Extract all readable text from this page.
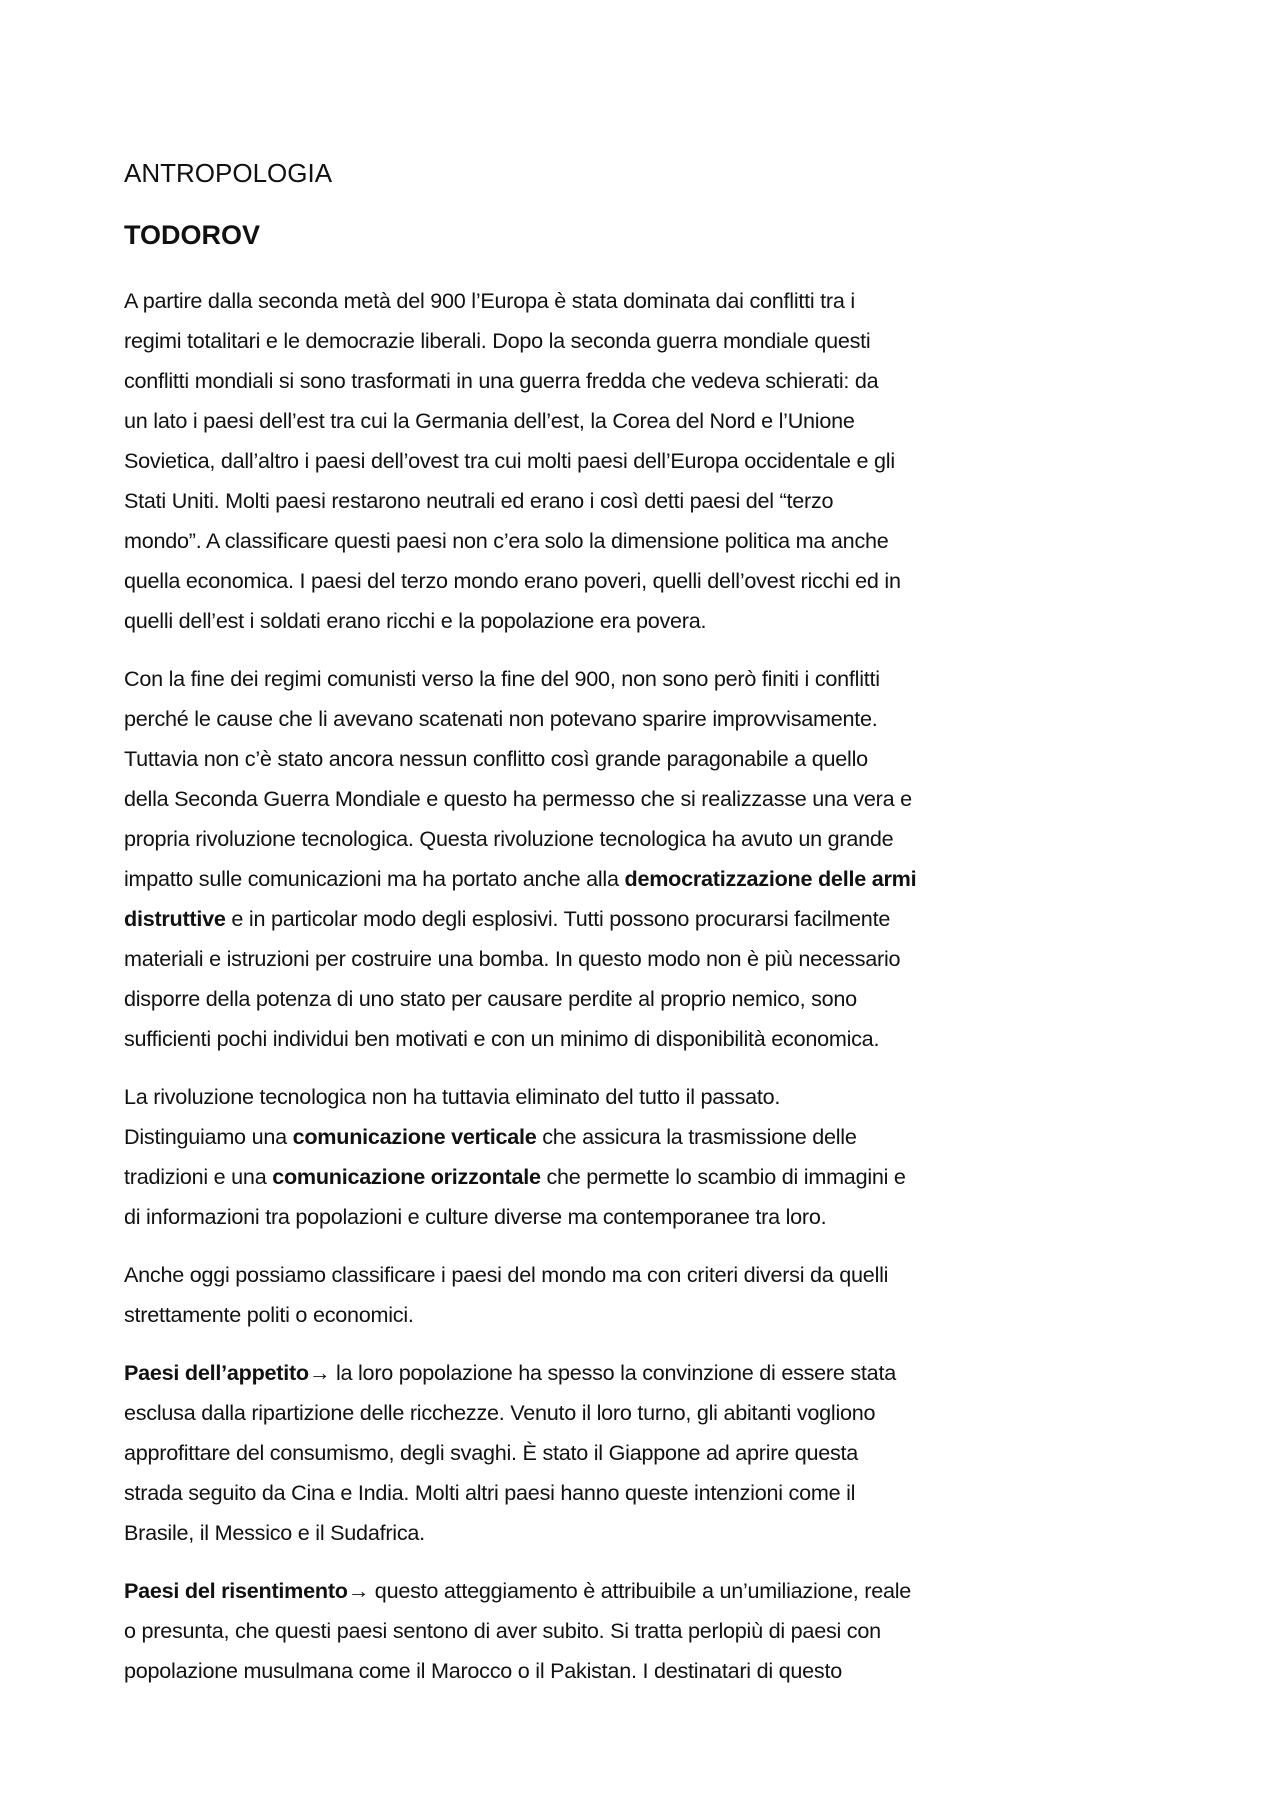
ANTROPOLOGIA
TODOROV
A partire dalla seconda metà del 900 l’Europa è stata dominata dai conflitti tra i
regimi totalitari e le democrazie liberali. Dopo la seconda guerra mondiale questi
conflitti mondiali si sono trasformati in una guerra fredda che vedeva schierati: da
un lato i paesi dell’est tra cui la Germania dell’est, la Corea del Nord e l’Unione
Sovietica, dall’altro i paesi dell’ovest tra cui molti paesi dell’Europa occidentale e gli
Stati Uniti. Molti paesi restarono neutrali ed erano i così detti paesi del “terzo
mondo”. A classificare questi paesi non c’era solo la dimensione politica ma anche
quella economica. I paesi del terzo mondo erano poveri, quelli dell’ovest ricchi ed in
quelli dell’est i soldati erano ricchi e la popolazione era povera.
Con la fine dei regimi comunisti verso la fine del 900, non sono però finiti i conflitti
perché le cause che li avevano scatenati non potevano sparire improvvisamente.
Tuttavia non c’è stato ancora nessun conflitto così grande paragonabile a quello
della Seconda Guerra Mondiale e questo ha permesso che si realizzasse una vera e
propria rivoluzione tecnologica. Questa rivoluzione tecnologica ha avuto un grande
impatto sulle comunicazioni ma ha portato anche alla democratizzazione delle armi
distruttive e in particolar modo degli esplosivi. Tutti possono procurarsi facilmente
materiali e istruzioni per costruire una bomba. In questo modo non è più necessario
disporre della potenza di uno stato per causare perdite al proprio nemico, sono
sufficienti pochi individui ben motivati e con un minimo di disponibilità economica.
La rivoluzione tecnologica non ha tuttavia eliminato del tutto il passato.
Distinguiamo una comunicazione verticale che assicura la trasmissione delle
tradizioni e una comunicazione orizzontale che permette lo scambio di immagini e
di informazioni tra popolazioni e culture diverse ma contemporanee tra loro.
Anche oggi possiamo classificare i paesi del mondo ma con criteri diversi da quelli
strettamente politi o economici.
Paesi dell’appetito→ la loro popolazione ha spesso la convinzione di essere stata
esclusa dalla ripartizione delle ricchezze. Venuto il loro turno, gli abitanti vogliono
approfittare del consumismo, degli svaghi. È stato il Giappone ad aprire questa
strada seguito da Cina e India. Molti altri paesi hanno queste intenzioni come il
Brasile, il Messico e il Sudafrica.
Paesi del risentimento→ questo atteggiamento è attribuibile a un’umiliazione, reale
o presunta, che questi paesi sentono di aver subito. Si tratta perlopiù di paesi con
popolazione musulmana come il Marocco o il Pakistan. I destinatari di questo
